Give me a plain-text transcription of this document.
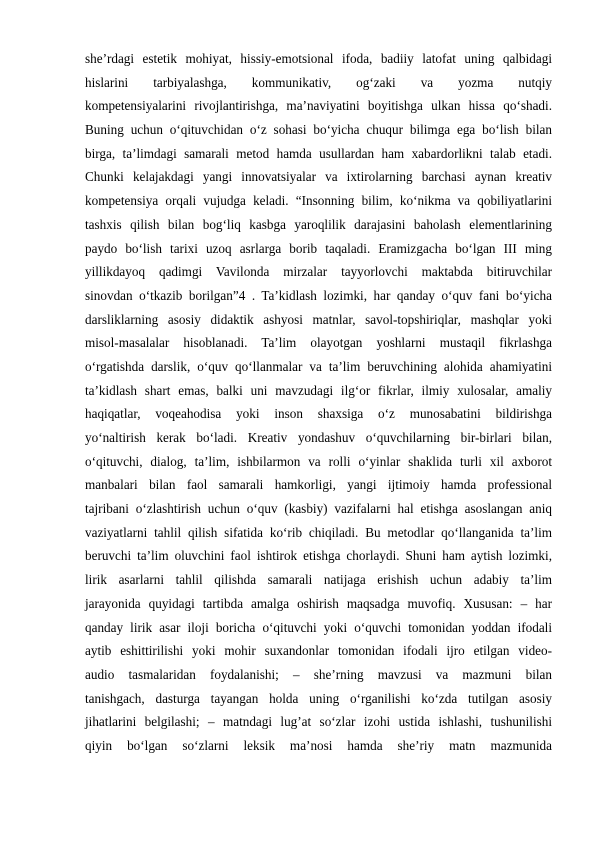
she’rdagi estetik mohiyat, hissiy-emotsional ifoda, badiiy latofat uning qalbidagi
hislarini tarbiyalashga, kommunikativ, og‘zaki va yozma nutqiy
kompetensiyalarini rivojlantirishga, ma’naviyatini boyitishga ulkan hissa qo‘shadi.
Buning uchun o‘qituvchidan o‘z sohasi bo‘yicha chuqur bilimga ega bo‘lish bilan
birga, ta’limdagi samarali metod hamda usullardan ham xabardorlikni talab etadi.
Chunki kelajakdagi yangi innovatsiyalar va ixtirolarning barchasi aynan kreativ
kompetensiya orqali vujudga keladi. “Insonning bilim, ko‘nikma va qobiliyatlarini
tashxis qilish bilan bog‘liq kasbga yaroqlilik darajasini baholash elementlarining
paydo bo‘lish tarixi uzoq asrlarga borib taqaladi. Eramizgacha bo‘lgan III ming
yillikdayoq qadimgi Vavilonda mirzalar tayyorlovchi maktabda bitiruvchilar
sinovdan o‘tkazib borilgan”4 . Ta’kidlash lozimki, har qanday o‘quv fani bo‘yicha
darsliklarning asosiy didaktik ashyosi matnlar, savol-topshiriqlar, mashqlar yoki
misol-masalalar hisoblanadi. Ta’lim olayotgan yoshlarni mustaqil fikrlashga
o‘rgatishda darslik, o‘quv qo‘llanmalar va ta’lim beruvchining alohida ahamiyatini
ta’kidlash shart emas, balki uni mavzudagi ilg‘or fikrlar, ilmiy xulosalar, amaliy
haqiqatlar, voqeahodisa yoki inson shaxsiga o‘z munosabatini bildirishga
yo‘naltirish kerak bo‘ladi. Kreativ yondashuv o‘quvchilarning bir-birlari bilan,
o‘qituvchi, dialog, ta’lim, ishbilarmon va rolli o‘yinlar shaklida turli xil axborot
manbalari bilan faol samarali hamkorligi, yangi ijtimoiy hamda professional
tajribani o‘zlashtirish uchun o‘quv (kasbiy) vazifalarni hal etishga asoslangan aniq
vaziyatlarni tahlil qilish sifatida ko‘rib chiqiladi. Bu metodlar qo‘llanganida ta’lim
beruvchi ta’lim oluvchini faol ishtirok etishga chorlaydi. Shuni ham aytish lozimki,
lirik asarlarni tahlil qilishda samarali natijaga erishish uchun adabiy ta’lim
jarayonida quyidagi tartibda amalga oshirish maqsadga muvofiq. Xususan: – har
qanday lirik asar iloji boricha o‘qituvchi yoki o‘quvchi tomonidan yoddan ifodali
aytib eshittirilishi yoki mohir suxandonlar tomonidan ifodali ijro etilgan video-
audio tasmalaridan foydalanishi; – she’rning mavzusi va mazmuni bilan
tanishgach, dasturga tayangan holda uning o‘rganilishi ko‘zda tutilgan asosiy
jihatlarini belgilashi; – matndagi lug’at so‘zlar izohi ustida ishlashi, tushunilishi
qiyin bo‘lgan so‘zlarni leksik ma’nosi hamda she’riy matn mazmunida
